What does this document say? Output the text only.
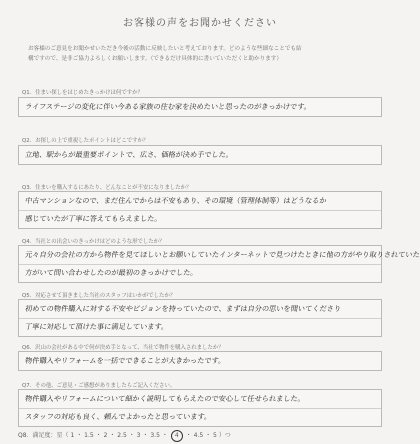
お客様の声をお聞かせください
お客様のご意見をお聞かせいただき今後の活動に反映したいと考えております。どのような些細なことでも結
構ですので、是非ご協力よろしくお願いします。（できるだけ具体的に書いていただくと助かります）
Q1．住まい探しをはじめたきっかけは何ですか？
ライフステージの変化に伴い今ある家族の住む家を決めたいと思ったのがきっかけです。
Q2．お探しの上で重視したポイントはどこですか？
立地、駅からが最重要ポイントで、広さ、価格が決め手でした。
Q3．住まいを購入するにあたり、どんなことが不安になりましたか？
中古マンションなので、まだ住んでからは不安もあり、その環境（管理体制等）はどうなるか
感じていたが丁寧に答えてもらえました。
Q4．当社との出会いのきっかけはどのような形でしたか？
元々自分の会社の方から物件を見てほしいとお願いしていたインターネットで見つけたときに他の方がやり取りされていた
方がいて問い合わせしたのが最初のきっかけでした。
Q5．対応させて頂きました当社のスタッフはいかがでしたか？
初めての物件購入に対する不安やビジョンを持っていたので、まずは自分の思いを聞いてくださり
丁寧に対応して頂けた事に満足しています。
Q6．沢山の会社がある中で何が決め手となって、当社で物件を購入されましたか？
物件購入やリフォームを一括でできることが大きかったです。
Q7．その他、ご意見・ご感想がありましたらご記入ください。
物件購入やリフォームについて細かく説明してもらえたので安心して任せられました。
スタッフの対応も良く、頼んでよかったと思っています。
Q8．満足度：星（ 1 ・ 1.5 ・ 2 ・ 2.5 ・ 3 ・ 3.5 ・ 4 ・ 4.5 ・ 5 ）つ
